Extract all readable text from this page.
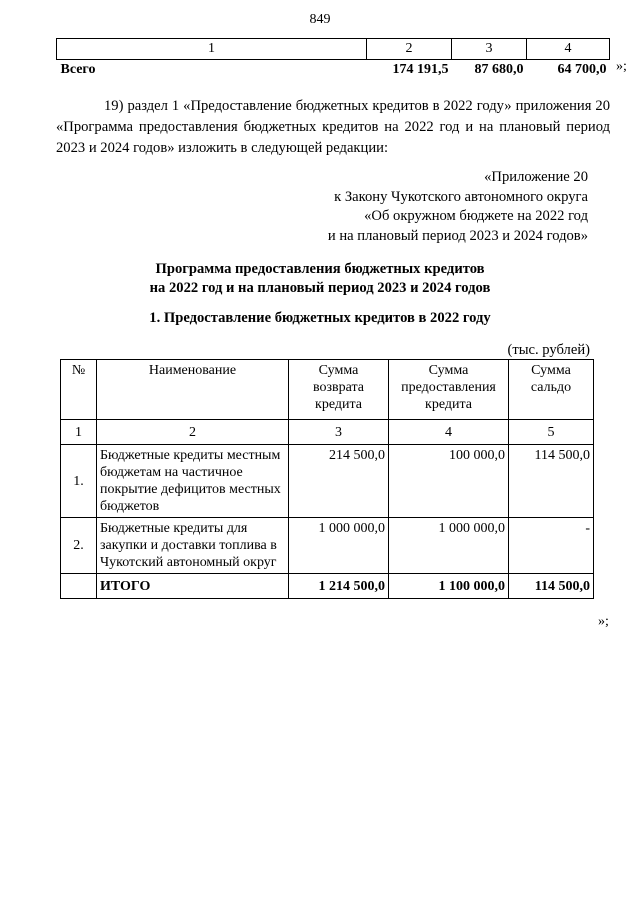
849
1	2	3	4
Всего	174 191,5	87 680,0	64 700,0 »;
19) раздел 1 «Предоставление бюджетных кредитов в 2022 году» приложения 20 «Программа предоставления бюджетных кредитов на 2022 год и на плановый период 2023 и 2024 годов» изложить в следующей редакции:
«Приложение 20
к Закону Чукотского автономного округа
«Об окружном бюджете на 2022 год
и на плановый период 2023 и 2024 годов»
Программа предоставления бюджетных кредитов
на 2022 год и на плановый период 2023 и 2024 годов
1. Предоставление бюджетных кредитов в 2022 году
(тыс. рублей)
№	Наименование	Сумма возврата кредита	Сумма предоставления кредита	Сумма сальдо
1	2	3	4	5
1.	Бюджетные кредиты местным бюджетам на частичное покрытие дефицитов местных бюджетов	214 500,0	100 000,0	114 500,0
2.	Бюджетные кредиты для закупки и доставки топлива в Чукотский автономный округ	1 000 000,0	1 000 000,0	-
	ИТОГО	1 214 500,0	1 100 000,0	114 500,0
»;
